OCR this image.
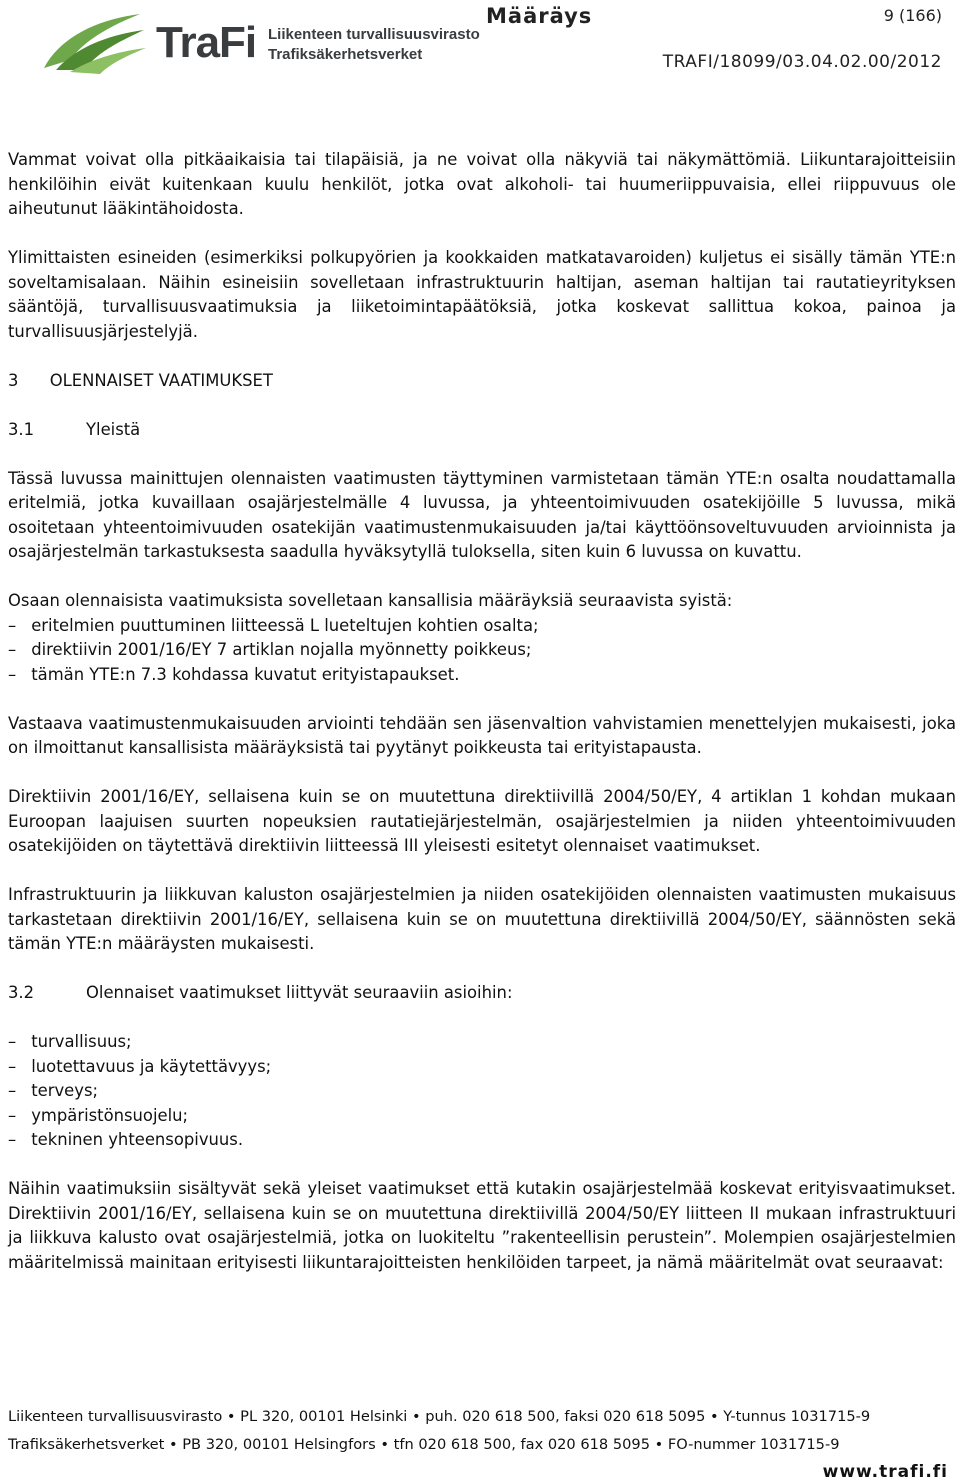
TraFi Liikenteen turvallisuusvirasto
Trafiksäkerhetsverket
Määräys	9 (166)
TRAFI/18099/03.04.02.00/2012

Vammat voivat olla pitkäaikaisia tai tilapäisiä, ja ne voivat olla näkyviä tai näkymättömiä. Liikuntarajoitteisiin henkilöihin eivät kuitenkaan kuulu henkilöt, jotka ovat alkoholi- tai huumeriippuvaisia, ellei riippuvuus ole aiheutunut lääkintähoidosta.

Ylimittaisten esineiden (esimerkiksi polkupyörien ja kookkaiden matkatavaroiden) kuljetus ei sisälly tämän YTE:n soveltamisalaan. Näihin esineisiin sovelletaan infrastruktuurin haltijan, aseman haltijan tai rautatieyrityksen sääntöjä, turvallisuusvaatimuksia ja liiketoimintapäätöksiä, jotka koskevat sallittua kokoa, painoa ja turvallisuusjärjestelyjä.

3      OLENNAISET VAATIMUKSET

3.1	Yleistä

Tässä luvussa mainittujen olennaisten vaatimusten täyttyminen varmistetaan tämän YTE:n osalta noudattamalla eritelmiä, jotka kuvaillaan osajärjestelmälle 4 luvussa, ja yhteentoimivuuden osatekijöille 5 luvussa, mikä osoitetaan yhteentoimivuuden osatekijän vaatimustenmukaisuuden ja/tai käyttöönsoveltuvuuden arvioinnista ja osajärjestelmän tarkastuksesta saadulla hyväksytyllä tuloksella, siten kuin 6 luvussa on kuvattu.

Osaan olennaisista vaatimuksista sovelletaan kansallisia määräyksiä seuraavista syistä:

– eritelmien puuttuminen liitteessä L lueteltujen kohtien osalta;
– direktiivin 2001/16/EY 7 artiklan nojalla myönnetty poikkeus;
– tämän YTE:n 7.3 kohdassa kuvatut erityistapaukset.

Vastaava vaatimustenmukaisuuden arviointi tehdään sen jäsenvaltion vahvistamien menettelyjen mukaisesti, joka on ilmoittanut kansallisista määräyksistä tai pyytänyt poikkeusta tai erityistapausta.

Direktiivin 2001/16/EY, sellaisena kuin se on muutettuna direktiivillä 2004/50/EY, 4 artiklan 1 kohdan mukaan Euroopan laajuisen suurten nopeuksien rautatiejärjestelmän, osajärjestelmien ja niiden yhteentoimivuuden osatekijöiden on täytettävä direktiivin liitteessä III yleisesti esitetyt olennaiset vaatimukset.

Infrastruktuurin ja liikkuvan kaluston osajärjestelmien ja niiden osatekijöiden olennaisten vaatimusten mukaisuus tarkastetaan direktiivin 2001/16/EY, sellaisena kuin se on muutettuna direktiivillä 2004/50/EY, säännösten sekä tämän YTE:n määräysten mukaisesti.

3.2	Olennaiset vaatimukset liittyvät seuraaviin asioihin:

– turvallisuus;
– luotettavuus ja käytettävyys;
– terveys;
– ympäristönsuojelu;
– tekninen yhteensopivuus.

Näihin vaatimuksiin sisältyvät sekä yleiset vaatimukset että kutakin osajärjestelmää koskevat erityisvaatimukset. Direktiivin 2001/16/EY, sellaisena kuin se on muutettuna direktiivillä 2004/50/EY liitteen II mukaan infrastruktuuri ja liikkuva kalusto ovat osajärjestelmiä, jotka on luokiteltu ”rakenteellisin perustein”. Molempien osajärjestelmien määritelmissä mainitaan erityisesti liikuntarajoitteisten henkilöiden tarpeet, ja nämä määritelmät ovat seuraavat:

Liikenteen turvallisuusvirasto • PL 320, 00101 Helsinki • puh. 020 618 500, faksi 020 618 5095 • Y-tunnus 1031715-9
Trafiksäkerhetsverket • PB 320, 00101 Helsingfors • tfn 020 618 500, fax 020 618 5095 • FO-nummer 1031715-9
www.trafi.fi
